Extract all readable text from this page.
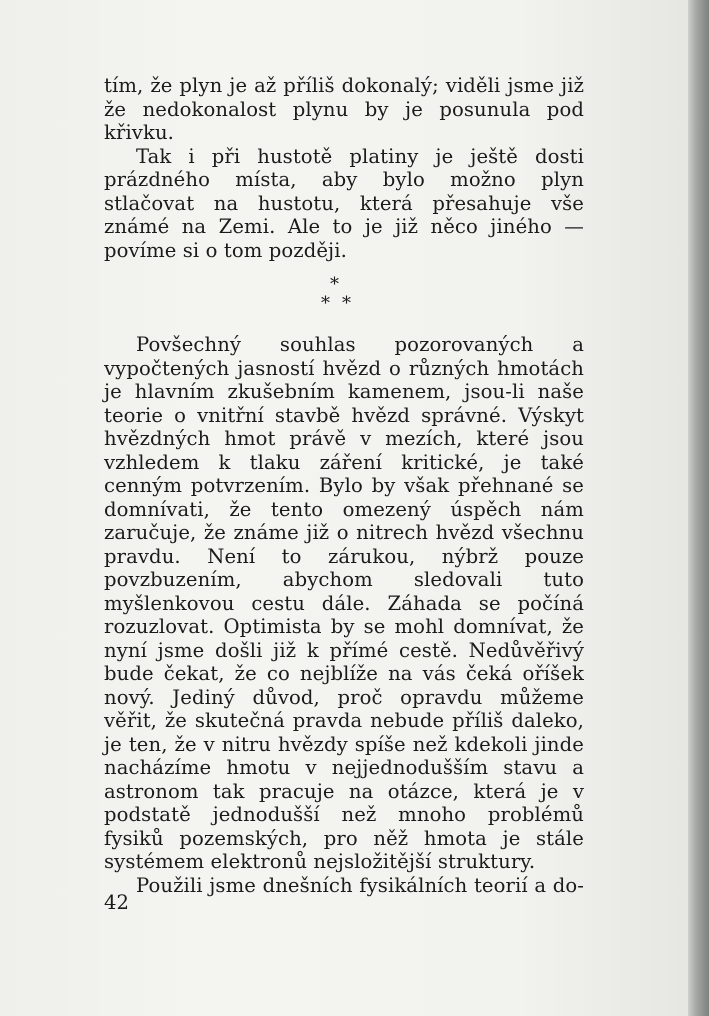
tím, že plyn je až příliš dokonalý; viděli jsme již že nedokonalost plynu by je posunula pod křivku.

Tak i při hustotě platiny je ještě dosti prázdného místa, aby bylo možno plyn stlačovat na hustotu, která přesahuje vše známé na Zemi. Ale to je již něco jiného — povíme si o tom později.

*
* *

Povšechný souhlas pozorovaných a vypočtených jasností hvězd o různých hmotách je hlavním zkušebním kamenem, jsou-li naše teorie o vnitřní stavbě hvězd správné. Výskyt hvězdných hmot právě v mezích, které jsou vzhledem k tlaku záření kritické, je také cenným potvrzením. Bylo by však přehnané se domnívati, že tento omezený úspěch nám zaručuje, že známe již o nitrech hvězd všechnu pravdu. Není to zárukou, nýbrž pouze povzbuzením, abychom sledovali tuto myšlenkovou cestu dále. Záhada se počíná rozuzlovat. Optimista by se mohl domnívat, že nyní jsme došli již k přímé cestě. Nedůvěřivý bude čekat, že co nejblíže na vás čeká oříšek nový. Jediný důvod, proč opravdu můžeme věřit, že skutečná pravda nebude příliš daleko, je ten, že v nitru hvězdy spíše než kdekoli jinde nacházíme hmotu v nejjednodušším stavu a astronom tak pracuje na otázce, která je v podstatě jednodušší než mnoho problémů fysiků pozemských, pro něž hmota je stále systémem elektronů nejsložitější struktury.

Použili jsme dnešních fysikálních teorií a do-

42
